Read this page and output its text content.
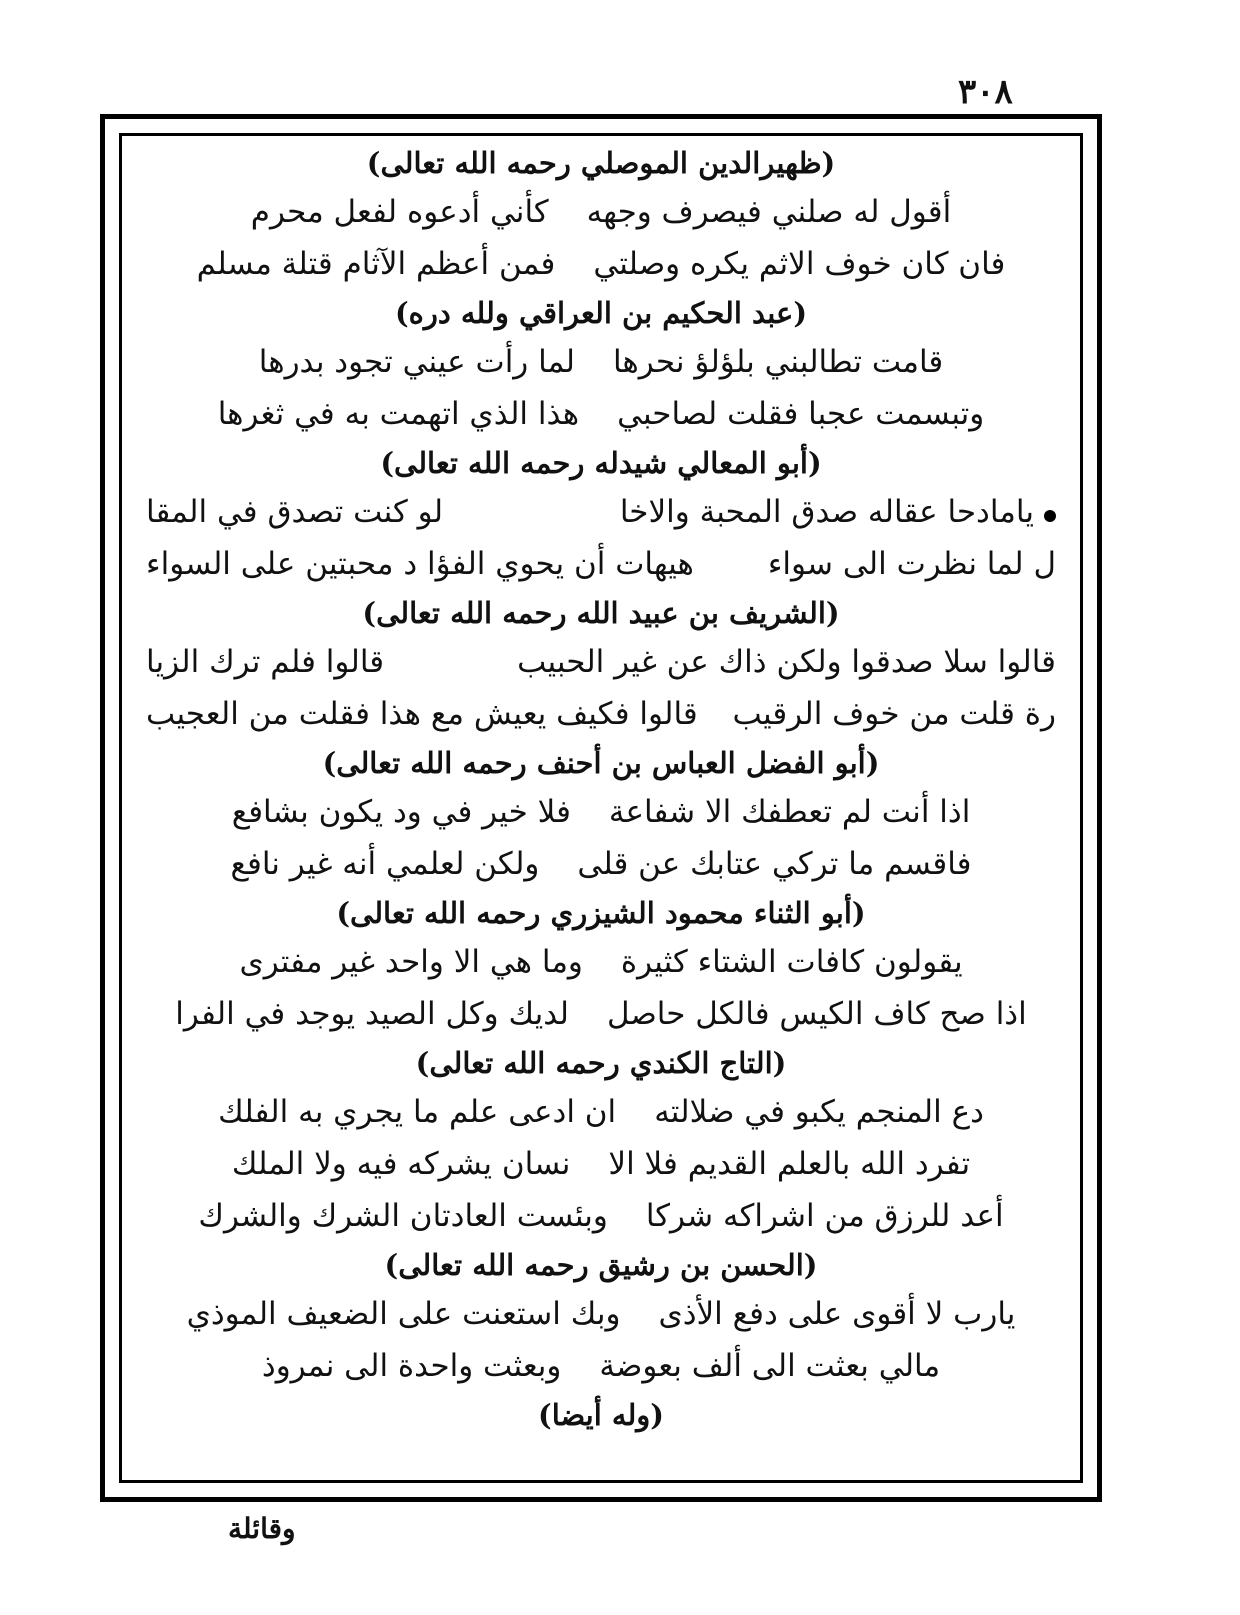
٣٠٨
(ظهيرالدين الموصلي رحمه الله تعالى)
أقول له صلني فيصرف وجهه
كأني أدعوه لفعل محرم
فان كان خوف الاثم يكره وصلتي
فمن أعظم الآثام قتلة مسلم
(عبد الحكيم بن العراقي ولله دره)
قامت تطالبني بلؤلؤ نحرها
لما رأت عيني تجود بدرها
وتبسمت عجبا فقلت لصاحبي
هذا الذي اتهمت به في ثغرها
(أبو المعالي شيدله رحمه الله تعالى)
يامادحا عقاله صدق المحبة والاخا
لو كنت تصدق في المقا
ل لما نظرت الى سواء
هيهات أن يحوي الفؤا د محبتين على السواء
(الشريف بن عبيد الله رحمه الله تعالى)
قالوا سلا صدقوا ولكن ذاك عن غير الحبيب
قالوا فلم ترك الزيا
رة قلت من خوف الرقيب
قالوا فكيف يعيش مع هذا فقلت من العجيب
(أبو الفضل العباس بن أحنف رحمه الله تعالى)
اذا أنت لم تعطفك الا شفاعة
فلا خير في ود يكون بشافع
فاقسم ما تركي عتابك عن قلى
ولكن لعلمي أنه غير نافع
(أبو الثناء محمود الشيزري رحمه الله تعالى)
يقولون كافات الشتاء كثيرة
وما هي الا واحد غير مفترى
اذا صح كاف الكيس فالكل حاصل
لديك وكل الصيد يوجد في الفرا
(التاج الكندي رحمه الله تعالى)
دع المنجم يكبو في ضلالته
ان ادعى علم ما يجري به الفلك
تفرد الله بالعلم القديم فلا الا
نسان يشركه فيه ولا الملك
أعد للرزق من اشراكه شركا
وبئست العادتان الشرك والشرك
(الحسن بن رشيق رحمه الله تعالى)
يارب لا أقوى على دفع الأذى
وبك استعنت على الضعيف الموذي
مالي بعثت الى ألف بعوضة
وبعثت واحدة الى نمروذ
(وله أيضا)
وقائلة
